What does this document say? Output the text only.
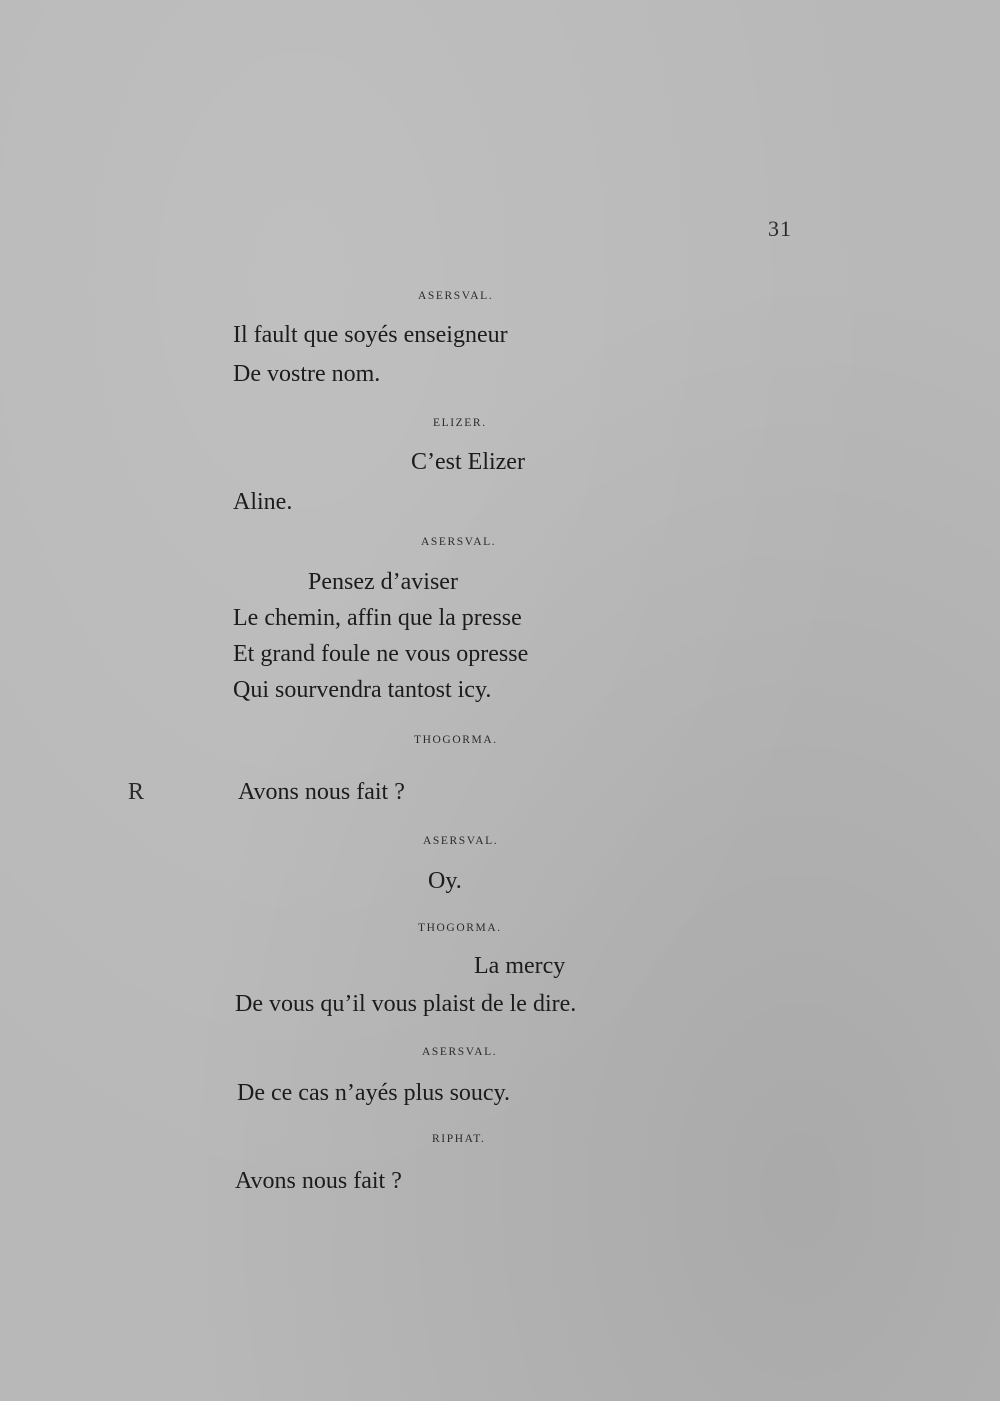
31
ASERSVAL.
Il fault que soyés enseigneur
De vostre nom.
ELIZER.
C’est Elizer
Aline.
ASERSVAL.
Pensez d’aviser
Le chemin, affin que la presse
Et grand foule ne vous opresse
Qui sourvendra tantost icy.
THOGORMA.
R	Avons nous fait ?
ASERSVAL.
Oy.
THOGORMA.
La mercy
De vous qu’il vous plaist de le dire.
ASERSVAL.
De ce cas n’ayés plus soucy.
RIPHAT.
Avons nous fait ?
